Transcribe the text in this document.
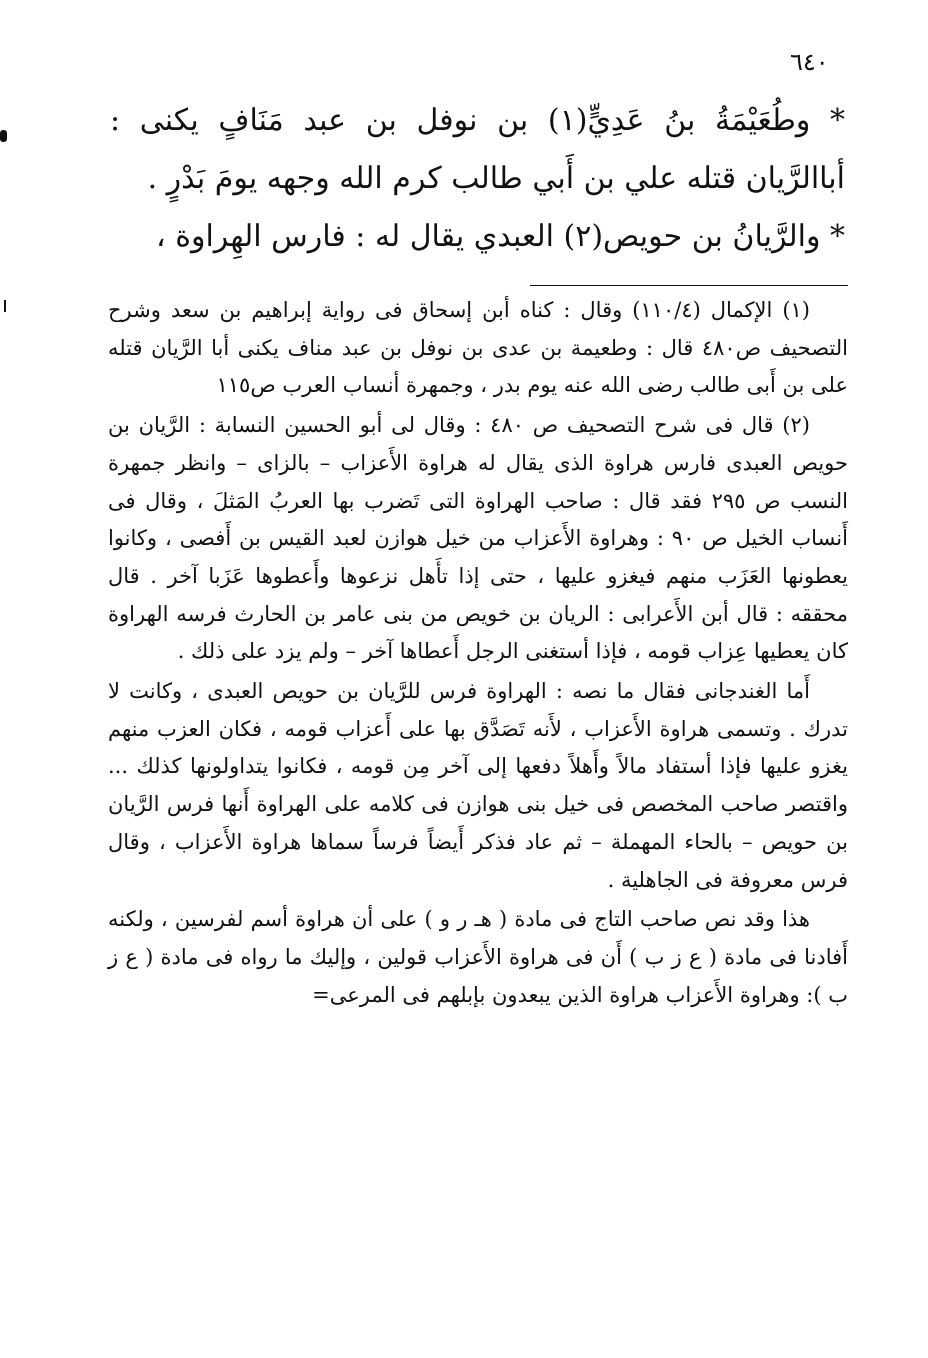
٦٤٠

* وطُعَيْمَةُ بنُ عَدِيٍّ(١) بن نوفل بن عبد مَنَافٍ يكنى : أباالرَّيان قتله علي بن أَبي طالب كرم الله وجهه يومَ بَدْرٍ .

* والرَّيانُ بن حويص(٢) العبدي يقال له : فارس الهِراوة ،

(١) الإكمال (١١٠/٤) وقال : كناه أبن إسحاق فى رواية إبراهيم بن سعد وشرح التصحيف ص٤٨٠ قال : وطعيمة بن عدى بن نوفل بن عبد مناف يكنى أبا الرَّيان قتله على بن أَبى طالب رضى الله عنه يوم بدر ، وجمهرة أنساب العرب ص١١٥

(٢) قال فى شرح التصحيف ص ٤٨٠ : وقال لى أبو الحسين النسابة : الرَّيان بن حويص العبدى فارس هراوة الذى يقال له هراوة الأَعزاب – بالزاى – وانظر جمهرة النسب ص ٢٩٥ فقد قال : صاحب الهراوة التى تَضرب بها العربُ المَثلَ ، وقال فى أَنساب الخيل ص ٩٠ : وهراوة الأَعزاب من خيل هوازن لعبد القيس بن أَفصى ، وكانوا يعطونها العَزَب منهم فيغزو عليها ، حتى إذا تأَهل نزعوها وأَعطوها عَزَبا آخر . قال محققه : قال أبن الأَعرابى : الريان بن خويص من بنى عامر بن الحارث فرسه الهراوة كان يعطيها عِزاب قومه ، فإذا أستغنى الرجل أَعطاها آخر – ولم يزد على ذلك .

أَما الغندجانى فقال ما نصه : الهراوة فرس للرَّيان بن حويص العبدى ، وكانت لا تدرك . وتسمى هراوة الأَعزاب ، لأَنه تَصَدَّق بها على أَعزاب قومه ، فكان العزب منهم يغزو عليها فإذا أستفاد مالاً وأَهلاً دفعها إلى آخر مِن قومه ، فكانوا يتداولونها كذلك ... واقتصر صاحب المخصص فى خيل بنى هوازن فى كلامه على الهراوة أَنها فرس الرَّيان بن حويص – بالحاء المهملة – ثم عاد فذكر أَيضاً فرساً سماها هراوة الأَعزاب ، وقال فرس معروفة فى الجاهلية .

هذا وقد نص صاحب التاج فى مادة ( هـ ر و ) على أن هراوة أسم لفرسين ، ولكنه أَفادنا فى مادة ( ع ز ب ) أَن فى هراوة الأَعزاب قولين ، وإليك ما رواه فى مادة ( ع ز ب ): وهراوة الأَعزاب هراوة الذين يبعدون بإبلهم فى المرعى=
